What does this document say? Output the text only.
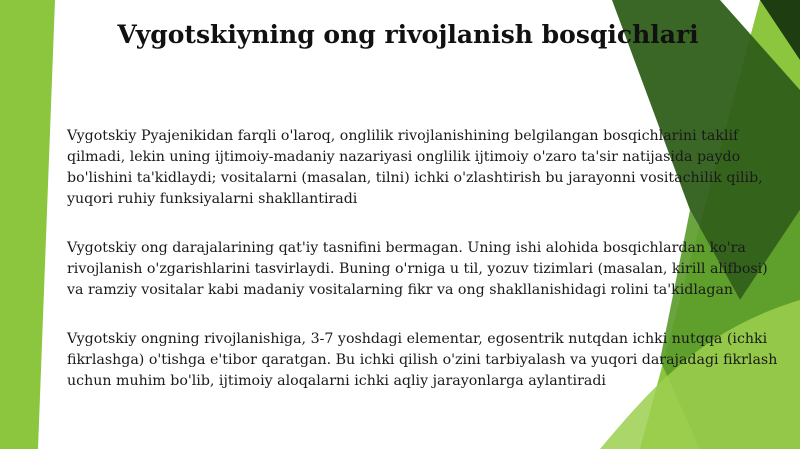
Vygotskiyning ong rivojlanish bosqichlari

Vygotskiy Pyajenikidan farqli o'laroq, onglilik rivojlanishining belgilangan bosqichlarini taklif qilmadi, lekin uning ijtimoiy-madaniy nazariyasi onglilik ijtimoiy o'zaro ta'sir natijasida paydo bo'lishini ta'kidlaydi; vositalarni (masalan, tilni) ichki o'zlashtirish bu jarayonni vositachilik qilib, yuqori ruhiy funksiyalarni shakllantiradi

Vygotskiy ong darajalarining qat'iy tasnifini bermagan. Uning ishi alohida bosqichlardan ko'ra rivojlanish o'zgarishlarini tasvirlaydi. Buning o'rniga u til, yozuv tizimlari (masalan, kirill alifbosi) va ramziy vositalar kabi madaniy vositalarning fikr va ong shakllanishidagi rolini ta'kidlagan

Vygotskiy ongning rivojlanishiga, 3-7 yoshdagi elementar, egosentrik nutqdan ichki nutqqa (ichki fikrlashga) o'tishga e'tibor qaratgan. Bu ichki qilish o'zini tarbiyalash va yuqori darajadagi fikrlash uchun muhim bo'lib, ijtimoiy aloqalarni ichki aqliy jarayonlarga aylantiradi
